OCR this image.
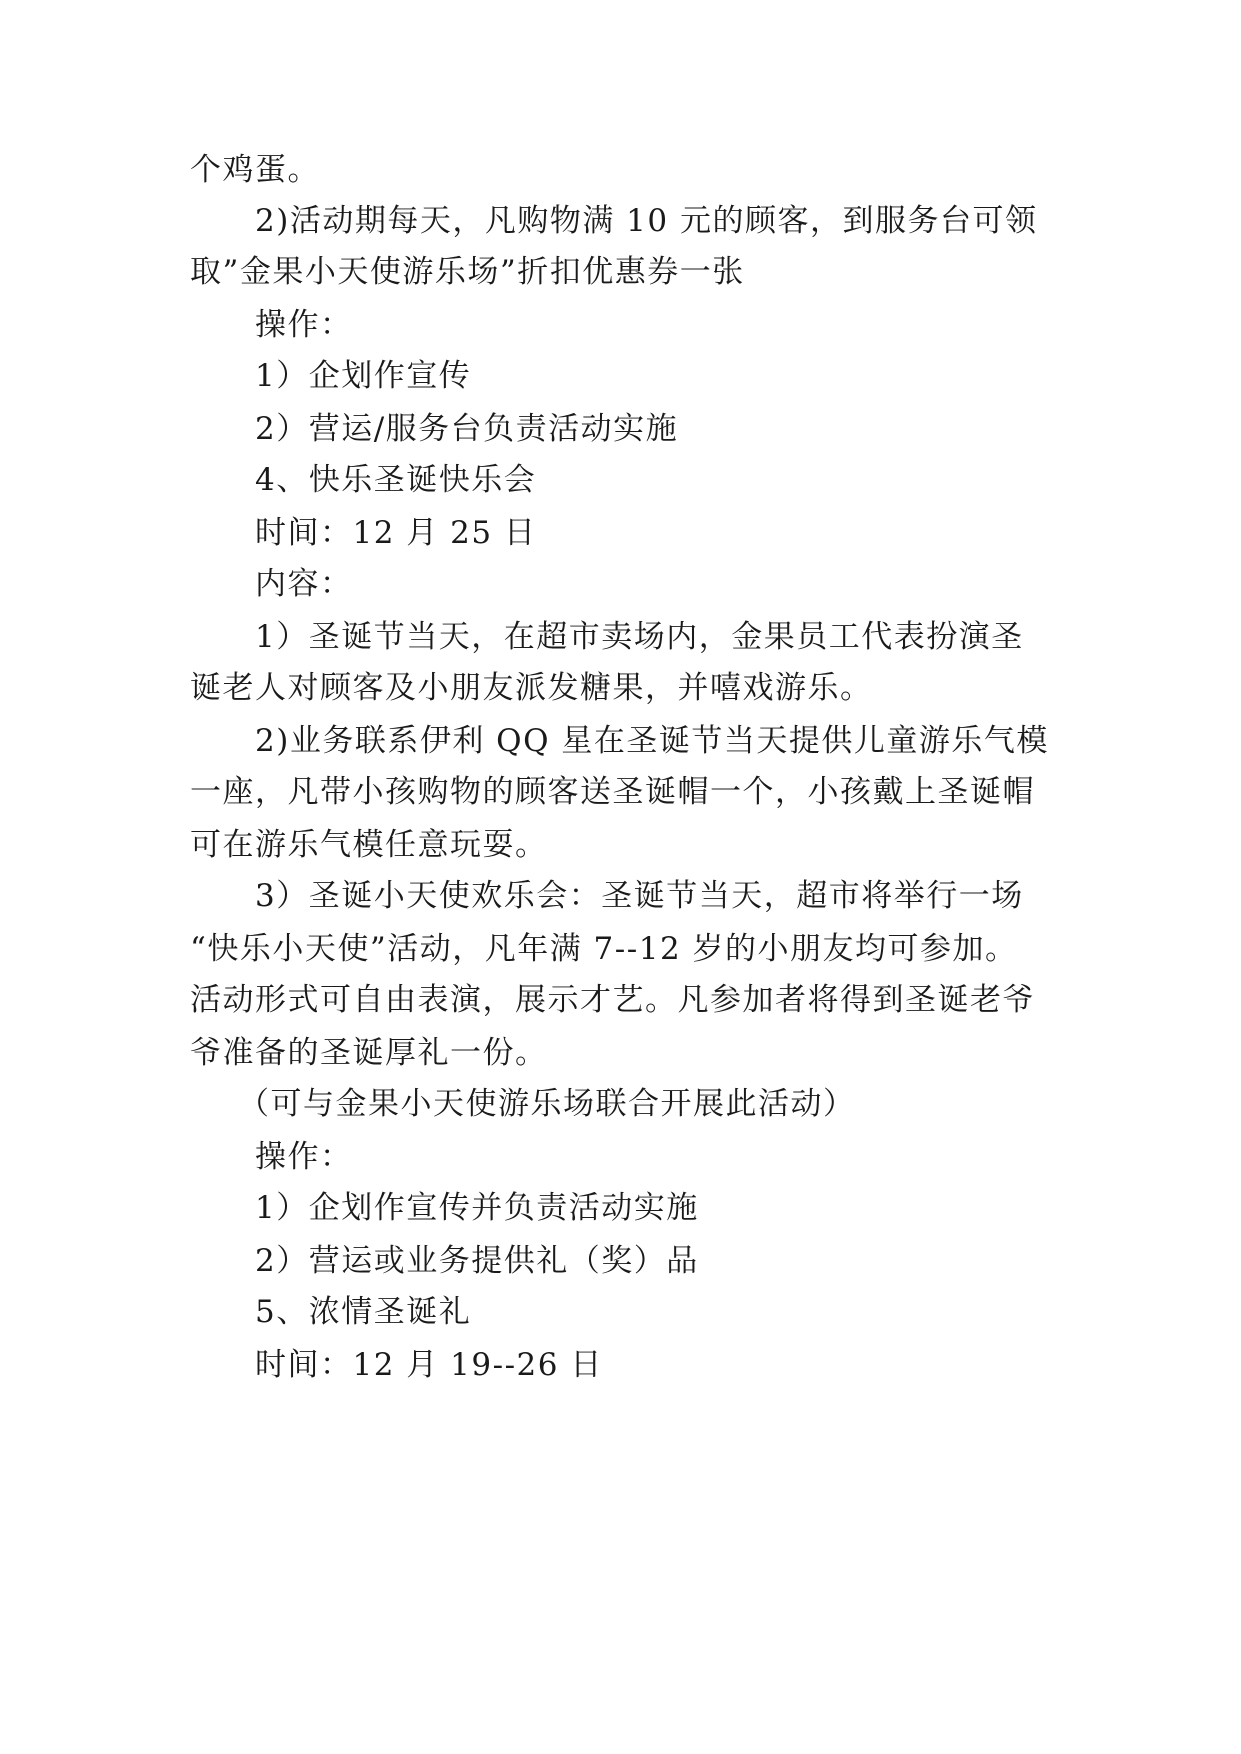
个鸡蛋。
2)活动期每天，凡购物满 10 元的顾客，到服务台可领
取”金果小天使游乐场”折扣优惠券一张
操作：
1）企划作宣传
2）营运/服务台负责活动实施
4、快乐圣诞快乐会
时间：12 月 25 日
内容：
1）圣诞节当天，在超市卖场内，金果员工代表扮演圣
诞老人对顾客及小朋友派发糖果，并嘻戏游乐。
2)业务联系伊利 QQ 星在圣诞节当天提供儿童游乐气模
一座，凡带小孩购物的顾客送圣诞帽一个，小孩戴上圣诞帽
可在游乐气模任意玩耍。
3）圣诞小天使欢乐会：圣诞节当天，超市将举行一场
“快乐小天使”活动，凡年满 7--12 岁的小朋友均可参加。
活动形式可自由表演，展示才艺。凡参加者将得到圣诞老爷
爷准备的圣诞厚礼一份。
（可与金果小天使游乐场联合开展此活动）
操作：
1）企划作宣传并负责活动实施
2）营运或业务提供礼（奖）品
5、浓情圣诞礼
时间：12 月 19--26 日
